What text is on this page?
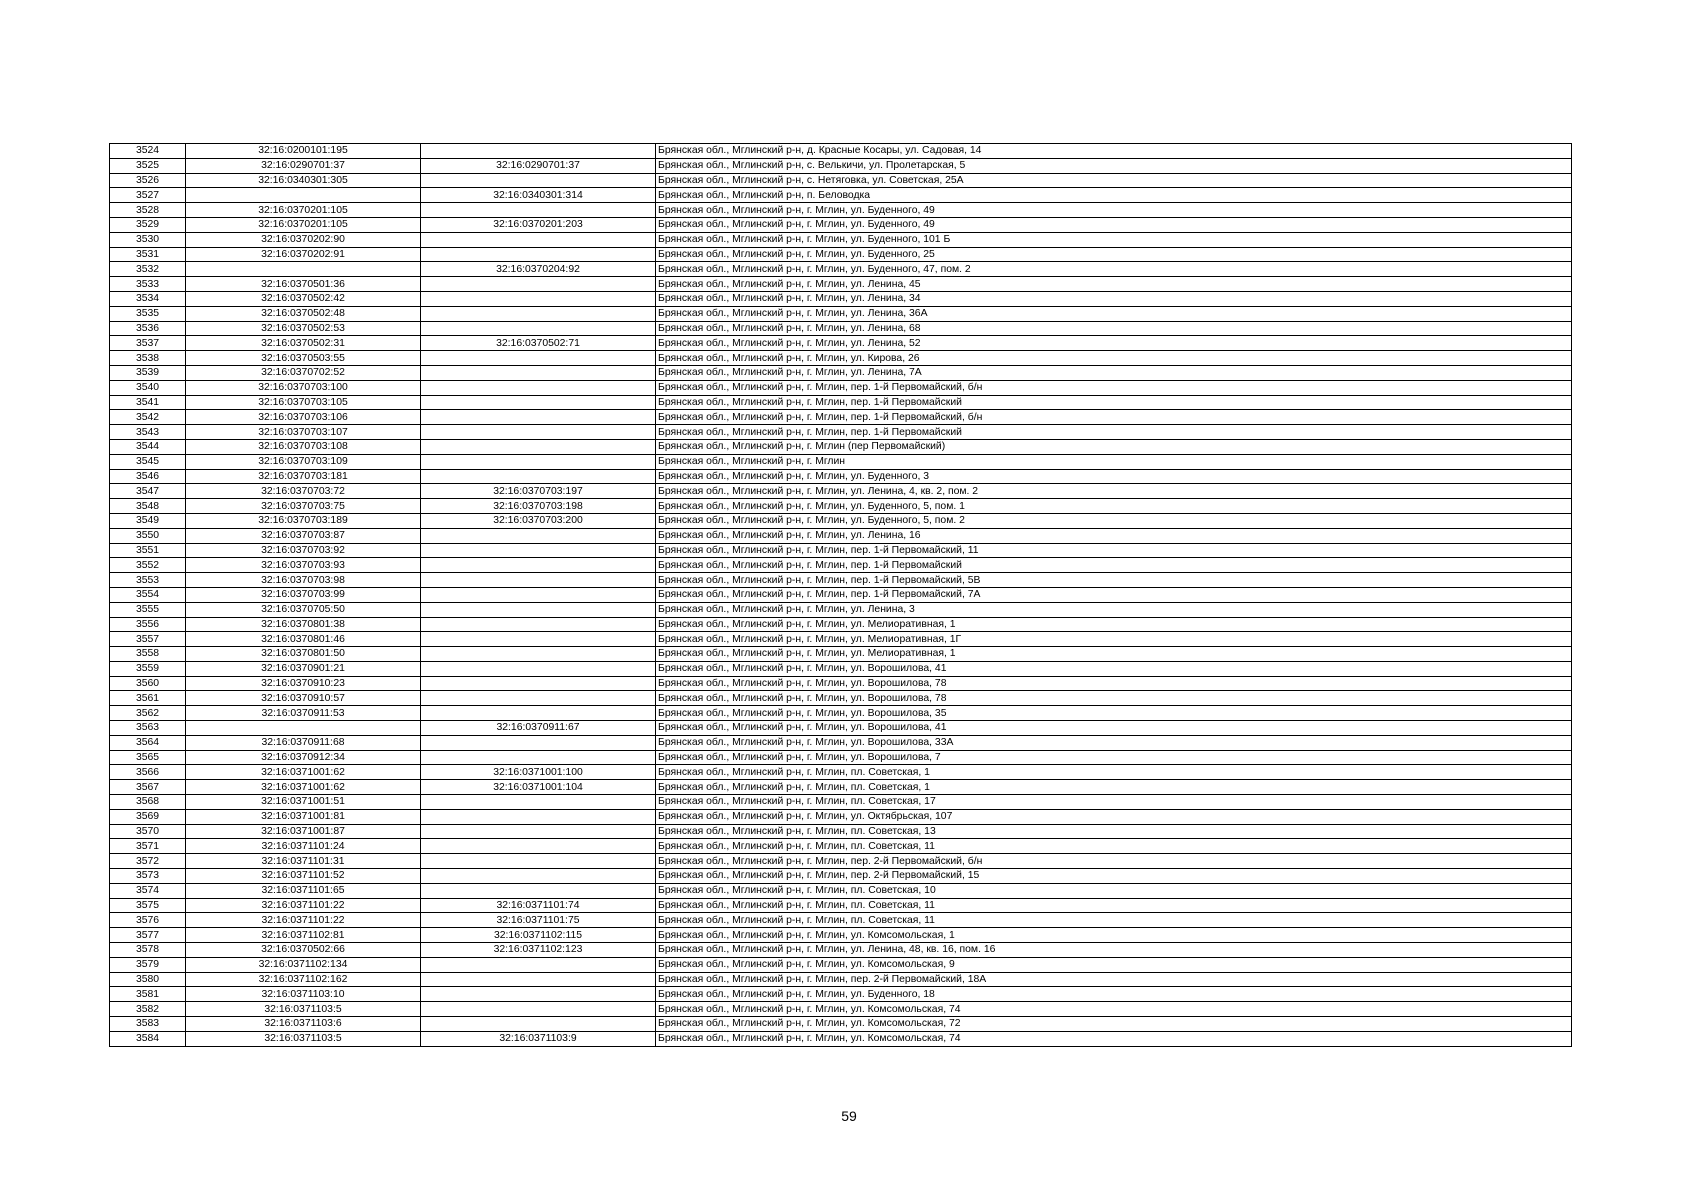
3524	32:16:0200101:195		Брянская обл., Мглинский р-н, д. Красные Косары, ул. Садовая, 14
3525	32:16:0290701:37	32:16:0290701:37	Брянская обл., Мглинский р-н, с. Велькичи, ул. Пролетарская, 5
3526	32:16:0340301:305		Брянская обл., Мглинский р-н, с. Нетяговка, ул. Советская, 25А
3527		32:16:0340301:314	Брянская обл., Мглинский р-н, п. Беловодка
3528	32:16:0370201:105		Брянская обл., Мглинский р-н, г. Мглин, ул. Буденного, 49
3529	32:16:0370201:105	32:16:0370201:203	Брянская обл., Мглинский р-н, г. Мглин, ул. Буденного, 49
3530	32:16:0370202:90		Брянская обл., Мглинский р-н, г. Мглин, ул. Буденного, 101 Б
3531	32:16:0370202:91		Брянская обл., Мглинский р-н, г. Мглин, ул. Буденного, 25
3532		32:16:0370204:92	Брянская обл., Мглинский р-н, г. Мглин, ул. Буденного, 47, пом. 2
3533	32:16:0370501:36		Брянская обл., Мглинский р-н, г. Мглин, ул. Ленина, 45
3534	32:16:0370502:42		Брянская обл., Мглинский р-н, г. Мглин, ул. Ленина, 34
3535	32:16:0370502:48		Брянская обл., Мглинский р-н, г. Мглин, ул. Ленина, 36А
3536	32:16:0370502:53		Брянская обл., Мглинский р-н, г. Мглин, ул. Ленина, 68
3537	32:16:0370502:31	32:16:0370502:71	Брянская обл., Мглинский р-н, г. Мглин, ул. Ленина, 52
3538	32:16:0370503:55		Брянская обл., Мглинский р-н, г. Мглин, ул. Кирова, 26
3539	32:16:0370702:52		Брянская обл., Мглинский р-н, г. Мглин, ул. Ленина, 7А
3540	32:16:0370703:100		Брянская обл., Мглинский р-н, г. Мглин, пер. 1-й Первомайский, б/н
3541	32:16:0370703:105		Брянская обл., Мглинский р-н, г. Мглин, пер. 1-й Первомайский
3542	32:16:0370703:106		Брянская обл., Мглинский р-н, г. Мглин, пер. 1-й Первомайский, б/н
3543	32:16:0370703:107		Брянская обл., Мглинский р-н, г. Мглин, пер. 1-й Первомайский
3544	32:16:0370703:108		Брянская обл., Мглинский р-н, г. Мглин (пер Первомайский)
3545	32:16:0370703:109		Брянская обл., Мглинский р-н, г. Мглин
3546	32:16:0370703:181		Брянская обл., Мглинский р-н, г. Мглин, ул. Буденного, 3
3547	32:16:0370703:72	32:16:0370703:197	Брянская обл., Мглинский р-н, г. Мглин, ул. Ленина, 4, кв. 2, пом. 2
3548	32:16:0370703:75	32:16:0370703:198	Брянская обл., Мглинский р-н, г. Мглин, ул. Буденного, 5, пом. 1
3549	32:16:0370703:189	32:16:0370703:200	Брянская обл., Мглинский р-н, г. Мглин, ул. Буденного, 5, пом. 2
3550	32:16:0370703:87		Брянская обл., Мглинский р-н, г. Мглин, ул. Ленина, 16
3551	32:16:0370703:92		Брянская обл., Мглинский р-н, г. Мглин, пер. 1-й Первомайский, 11
3552	32:16:0370703:93		Брянская обл., Мглинский р-н, г. Мглин, пер. 1-й Первомайский
3553	32:16:0370703:98		Брянская обл., Мглинский р-н, г. Мглин, пер. 1-й Первомайский, 5В
3554	32:16:0370703:99		Брянская обл., Мглинский р-н, г. Мглин, пер. 1-й Первомайский, 7А
3555	32:16:0370705:50		Брянская обл., Мглинский р-н, г. Мглин, ул. Ленина, 3
3556	32:16:0370801:38		Брянская обл., Мглинский р-н, г. Мглин, ул. Мелиоративная, 1
3557	32:16:0370801:46		Брянская обл., Мглинский р-н, г. Мглин, ул. Мелиоративная, 1Г
3558	32:16:0370801:50		Брянская обл., Мглинский р-н, г. Мглин, ул. Мелиоративная, 1
3559	32:16:0370901:21		Брянская обл., Мглинский р-н, г. Мглин, ул. Ворошилова, 41
3560	32:16:0370910:23		Брянская обл., Мглинский р-н, г. Мглин, ул. Ворошилова, 78
3561	32:16:0370910:57		Брянская обл., Мглинский р-н, г. Мглин, ул. Ворошилова, 78
3562	32:16:0370911:53		Брянская обл., Мглинский р-н, г. Мглин, ул. Ворошилова, 35
3563		32:16:0370911:67	Брянская обл., Мглинский р-н, г. Мглин, ул. Ворошилова, 41
3564	32:16:0370911:68		Брянская обл., Мглинский р-н, г. Мглин, ул. Ворошилова, 33А
3565	32:16:0370912:34		Брянская обл., Мглинский р-н, г. Мглин, ул. Ворошилова, 7
3566	32:16:0371001:62	32:16:0371001:100	Брянская обл., Мглинский р-н, г. Мглин, пл. Советская, 1
3567	32:16:0371001:62	32:16:0371001:104	Брянская обл., Мглинский р-н, г. Мглин, пл. Советская, 1
3568	32:16:0371001:51		Брянская обл., Мглинский р-н, г. Мглин, пл. Советская, 17
3569	32:16:0371001:81		Брянская обл., Мглинский р-н, г. Мглин, ул. Октябрьская, 107
3570	32:16:0371001:87		Брянская обл., Мглинский р-н, г. Мглин, пл. Советская, 13
3571	32:16:0371101:24		Брянская обл., Мглинский р-н, г. Мглин, пл. Советская, 11
3572	32:16:0371101:31		Брянская обл., Мглинский р-н, г. Мглин, пер. 2-й Первомайский, б/н
3573	32:16:0371101:52		Брянская обл., Мглинский р-н, г. Мглин, пер. 2-й Первомайский, 15
3574	32:16:0371101:65		Брянская обл., Мглинский р-н, г. Мглин, пл. Советская, 10
3575	32:16:0371101:22	32:16:0371101:74	Брянская обл., Мглинский р-н, г. Мглин, пл. Советская, 11
3576	32:16:0371101:22	32:16:0371101:75	Брянская обл., Мглинский р-н, г. Мглин, пл. Советская, 11
3577	32:16:0371102:81	32:16:0371102:115	Брянская обл., Мглинский р-н, г. Мглин, ул. Комсомольская, 1
3578	32:16:0370502:66	32:16:0371102:123	Брянская обл., Мглинский р-н, г. Мглин, ул. Ленина, 48, кв. 16, пом. 16
3579	32:16:0371102:134		Брянская обл., Мглинский р-н, г. Мглин, ул. Комсомольская, 9
3580	32:16:0371102:162		Брянская обл., Мглинский р-н, г. Мглин, пер. 2-й Первомайский, 18А
3581	32:16:0371103:10		Брянская обл., Мглинский р-н, г. Мглин, ул. Буденного, 18
3582	32:16:0371103:5		Брянская обл., Мглинский р-н, г. Мглин, ул. Комсомольская, 74
3583	32:16:0371103:6		Брянская обл., Мглинский р-н, г. Мглин, ул. Комсомольская, 72
3584	32:16:0371103:5	32:16:0371103:9	Брянская обл., Мглинский р-н, г. Мглин, ул. Комсомольская, 74
59
